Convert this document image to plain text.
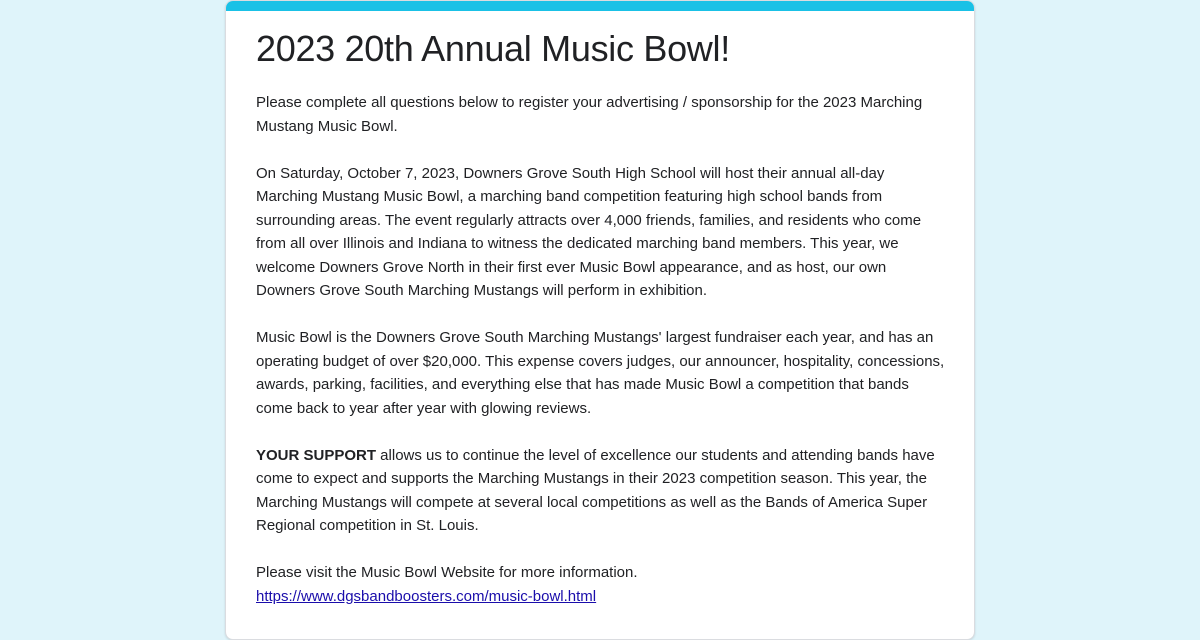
2023 20th Annual Music Bowl!

Please complete all questions below to register your advertising / sponsorship for the 2023 Marching Mustang Music Bowl.

On Saturday, October 7, 2023, Downers Grove South High School will host their annual all-day Marching Mustang Music Bowl, a marching band competition featuring high school bands from surrounding areas. The event regularly attracts over 4,000 friends, families, and residents who come from all over Illinois and Indiana to witness the dedicated marching band members. This year, we welcome Downers Grove North in their first ever Music Bowl appearance, and as host, our own Downers Grove South Marching Mustangs will perform in exhibition.

Music Bowl is the Downers Grove South Marching Mustangs' largest fundraiser each year, and has an operating budget of over $20,000. This expense covers judges, our announcer, hospitality, concessions, awards, parking, facilities, and everything else that has made Music Bowl a competition that bands come back to year after year with glowing reviews.

YOUR SUPPORT allows us to continue the level of excellence our students and attending bands have come to expect and supports the Marching Mustangs in their 2023 competition season. This year, the Marching Mustangs will compete at several local competitions as well as the Bands of America Super Regional competition in St. Louis.

Please visit the Music Bowl Website for more information.

https://www.dgsbandboosters.com/music-bowl.html
